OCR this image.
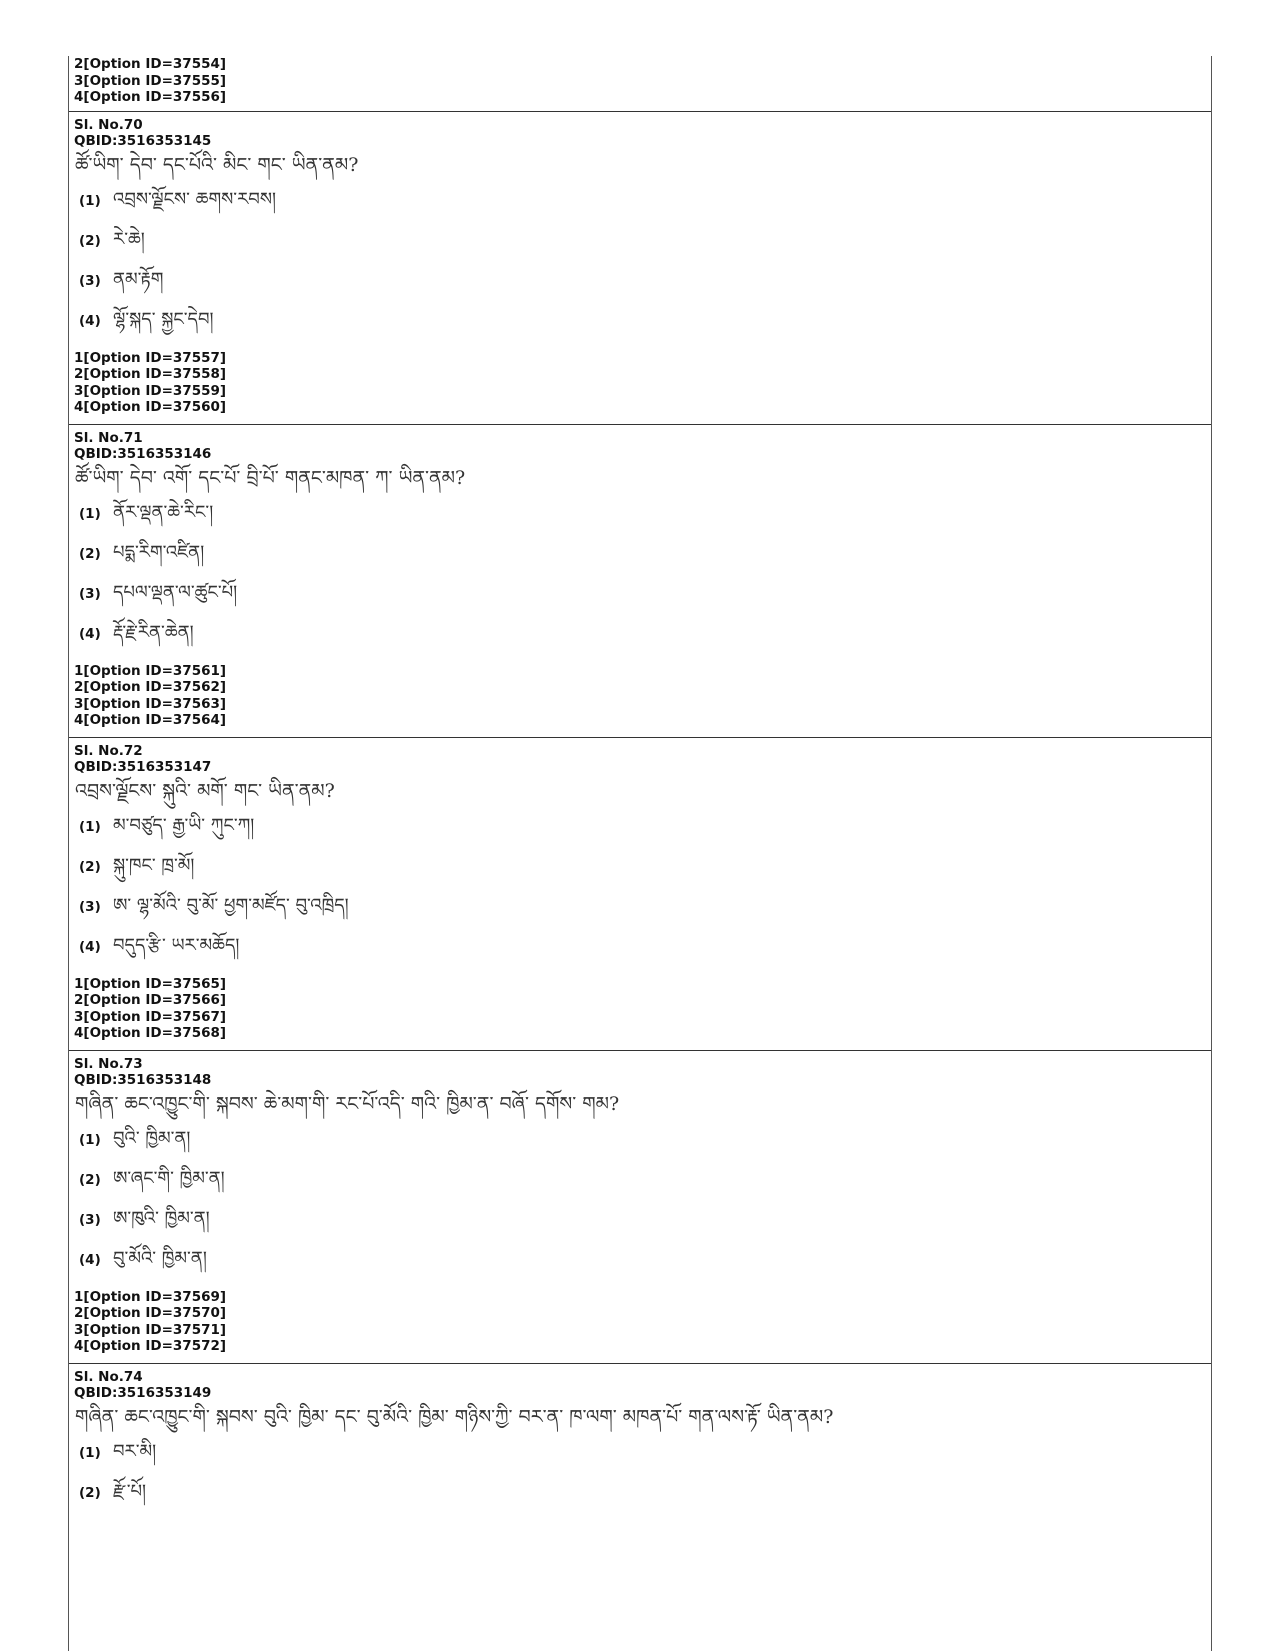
2[Option ID=37554]
3[Option ID=37555]
4[Option ID=37556]
Sl. No.70
QBID:3516353145
ཚོ་ཡིག་ དེབ་ དང་པོའི་ མིང་ གང་ ཡིན་ནམ?
(1) འབྲས་ལྗོངས་ ཆགས་རབས།
(2) རེ་ཆེ།
(3) ནམ་རྟོག
(4) ལྷོ་སྐད་ སྐྱང་དེབ།
1[Option ID=37557]
2[Option ID=37558]
3[Option ID=37559]
4[Option ID=37560]
Sl. No.71
QBID:3516353146
ཚོ་ཡིག་ དེབ་ འགོ་ དང་པོ་ བྲི་པོ་ གནང་མཁན་ ཀ་ ཡིན་ནམ?
(1) ནོར་ལྡན་ཆེ་རིང་།
(2) པདྨ་རིག་འཛིན།
(3) དཔལ་ལྡན་ལ་ཚུང་པོ།
(4) རྡོ་རྗེ་རིན་ཆེན།
1[Option ID=37561]
2[Option ID=37562]
3[Option ID=37563]
4[Option ID=37564]
Sl. No.72
QBID:3516353147
འབྲས་ལྗོངས་ སྐུའི་ མགོ་ གང་ ཡིན་ནམ?
(1) མ་བཙུད་ རྒྱ་ཡི་ ཀུང་ཀ།
(2) སྐུ་ཁང་ ཁྲ་མོ།
(3) ཨ་ ལྷ་མོའི་ བུ་མོ་ ཕྱག་མཛོད་ བུ་འཁྲིད།
(4) བདུད་རྩི་ ཡར་མཆོད།
1[Option ID=37565]
2[Option ID=37566]
3[Option ID=37567]
4[Option ID=37568]
Sl. No.73
QBID:3516353148
གཞིན་ ཆང་འཁྱུང་གི་ སྐབས་ ཆེ་མག་གི་ རང་པོ་འདི་ གའི་ ཁྱིམ་ན་ བཞོ་ དགོས་ གམ?
(1) བུའི་ ཁྱིམ་ན།
(2) ཨ་ཞང་གི་ ཁྱིམ་ན།
(3) ཨ་ཁུའི་ ཁྱིམ་ན།
(4) བུ་མོའི་ ཁྱིམ་ན།
1[Option ID=37569]
2[Option ID=37570]
3[Option ID=37571]
4[Option ID=37572]
Sl. No.74
QBID:3516353149
གཞིན་ ཆང་འཁྱུང་གི་ སྐབས་ བུའི་ ཁྱིམ་ དང་ བུ་མོའི་ ཁྱིམ་ གཉིས་ཀྱི་ བར་ན་ ཁ་ལག་ མཁན་པོ་ གན་ལས་རྟོ་ ཡིན་ནམ?
(1) བར་མི།
(2) རྫོ་པོ།
